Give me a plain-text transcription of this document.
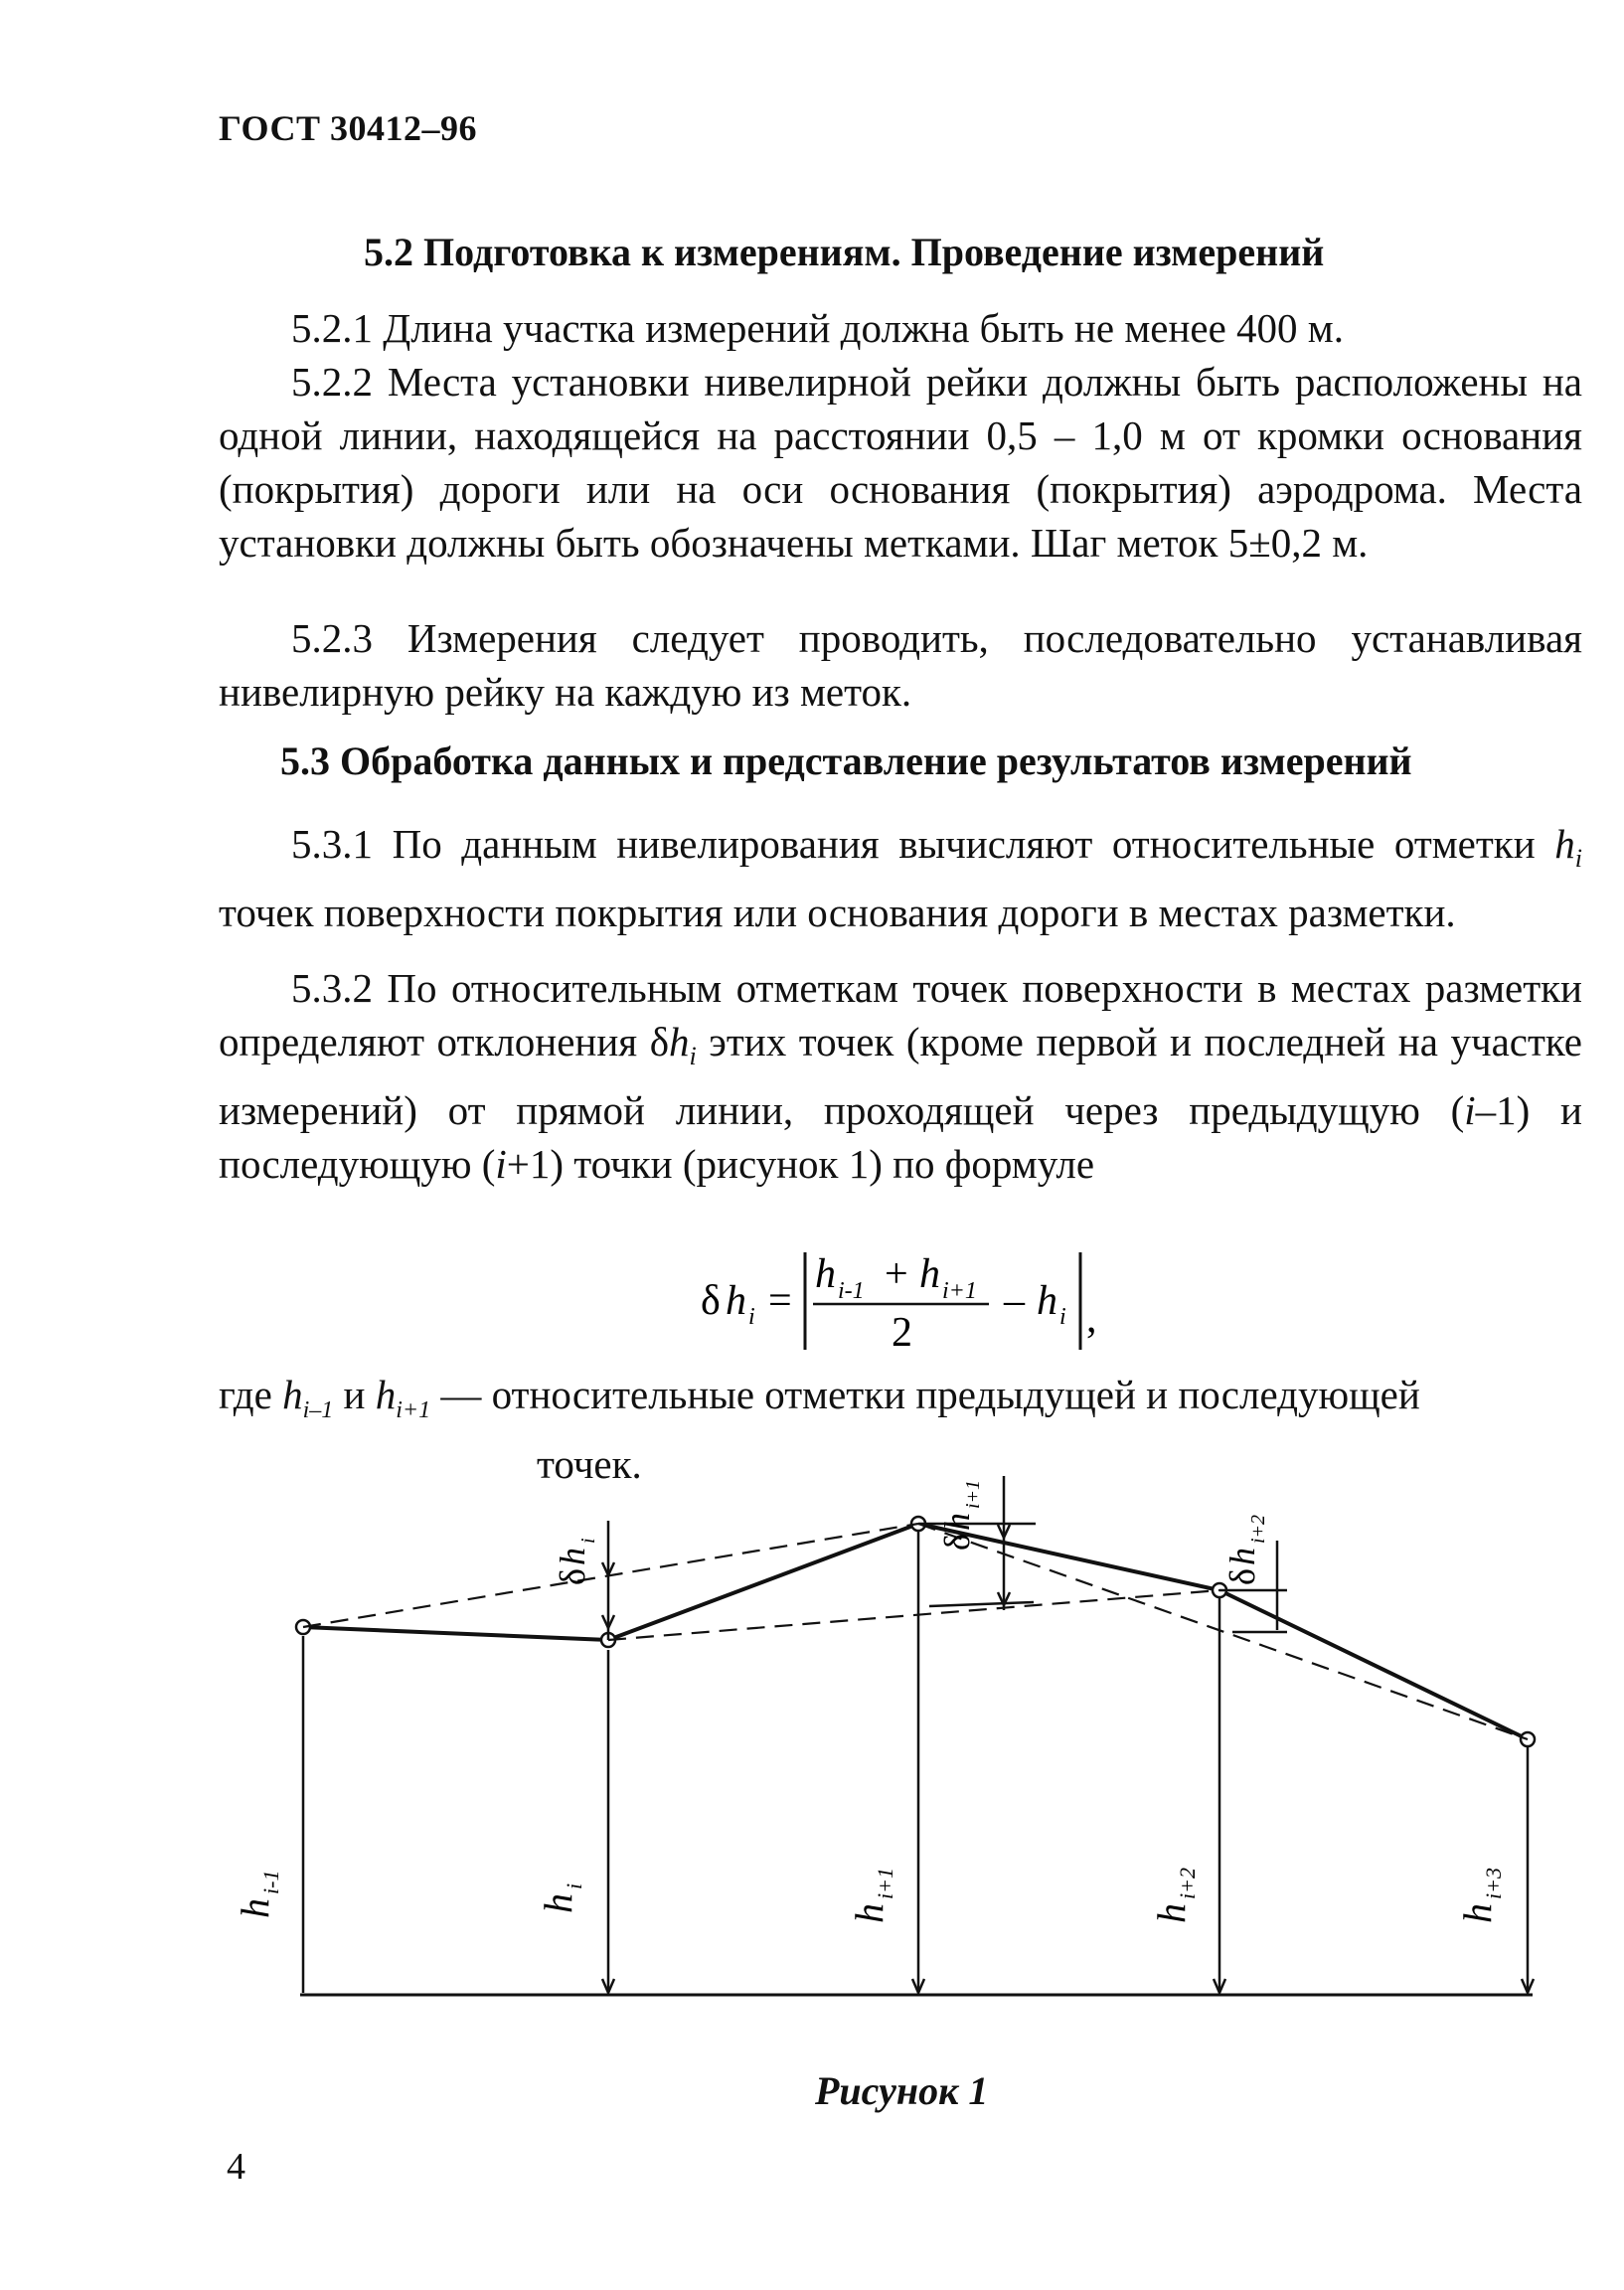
ГОСТ 30412–96
5.2 Подготовка к измерениям. Проведение измерений
5.2.1 Длина участка измерений должна быть не менее 400 м.
5.2.2 Места установки нивелирной рейки должны быть расположены на одной линии, находящейся на расстоянии 0,5 – 1,0 м от кромки основания (покрытия) дороги или на оси основания (покрытия) аэродрома. Места установки должны быть обозначены метками. Шаг меток 5±0,2 м.
5.2.3 Измерения следует проводить, последовательно устанавливая нивелирную рейку на каждую из меток.
5.3 Обработка данных и представление результатов измерений
5.3.1 По данным нивелирования вычисляют относительные отметки $h_i$ точек поверхности покрытия или основания дороги в местах разметки.
5.3.2 По относительным отметкам точек поверхности в местах разметки определяют отклонения $\delta h_i$ этих точек (кроме первой и последней на участке измерений) от прямой линии, проходящей через предыдущую (i–1) и последующую (i+1) точки (рисунок 1) по формуле
δ h i =
h i-1 + h i+1
2
– h i ,
где $h_{i-1}$ и $h_{i+1}$ — относительные отметки предыдущей и последующей
точек.
h
i-1
h
i
h
i+1
h
i+2
h
i+3
δ
h
i	δ
h
i+1
δ
h
i+2
Рисунок 1
4
